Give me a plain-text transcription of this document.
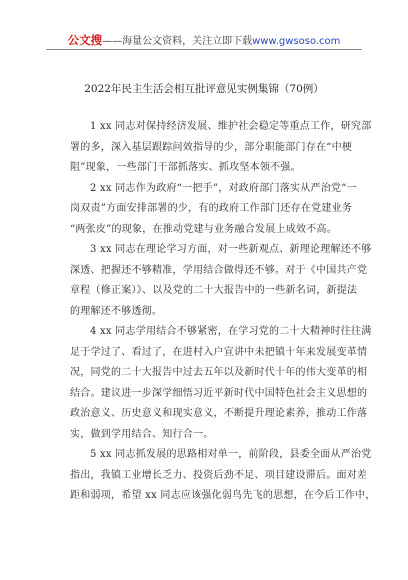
公文搜——海量公文资料，关注立即下载www.gwsoso.com
2022年民主生活会相互批评意见实例集锦（70例）
1 xx 同志对保持经济发展、维护社会稳定等重点工作，研究部
署的多，深入基层跟踪问效指导的少，部分职能部门存在“中梗
阻”现象，一些部门干部抓落实、抓攻坚本领不强。
2 xx 同志作为政府“一把手”，对政府部门落实从严治党“一
岗双责”方面安排部署的少，有的政府工作部门还存在党建业务
“两张皮”的现象，在推动党建与业务融合发展上成效不高。
3 xx 同志在理论学习方面，对一些新观点、新理论理解还不够
深透、把握还不够精准，学用结合做得还不够。对于《中国共产党
章程（修正案）》、以及党的二十大报告中的一些新名词，新提法
的理解还不够透彻。
4 xx 同志学用结合不够紧密，在学习党的二十大精神时往往满
足于学过了、看过了，在进村入户宣讲中未把镇十年来发展变革情
况，同党的二十大报告中过去五年以及新时代十年的伟大变革的相
结合。建议进一步深学细悟习近平新时代中国特色社会主义思想的
政治意义、历史意义和现实意义，不断提升理论素养，推动工作落
实，做到学用结合、知行合一。
5 xx 同志抓发展的思路相对单一，前阶段，县委全面从严治党
指出，我镇工业增长乏力、投资后劲不足、项目建设滞后。面对差
距和弱项，希望 xx 同志应该强化弱鸟先飞的思想，在今后工作中，
